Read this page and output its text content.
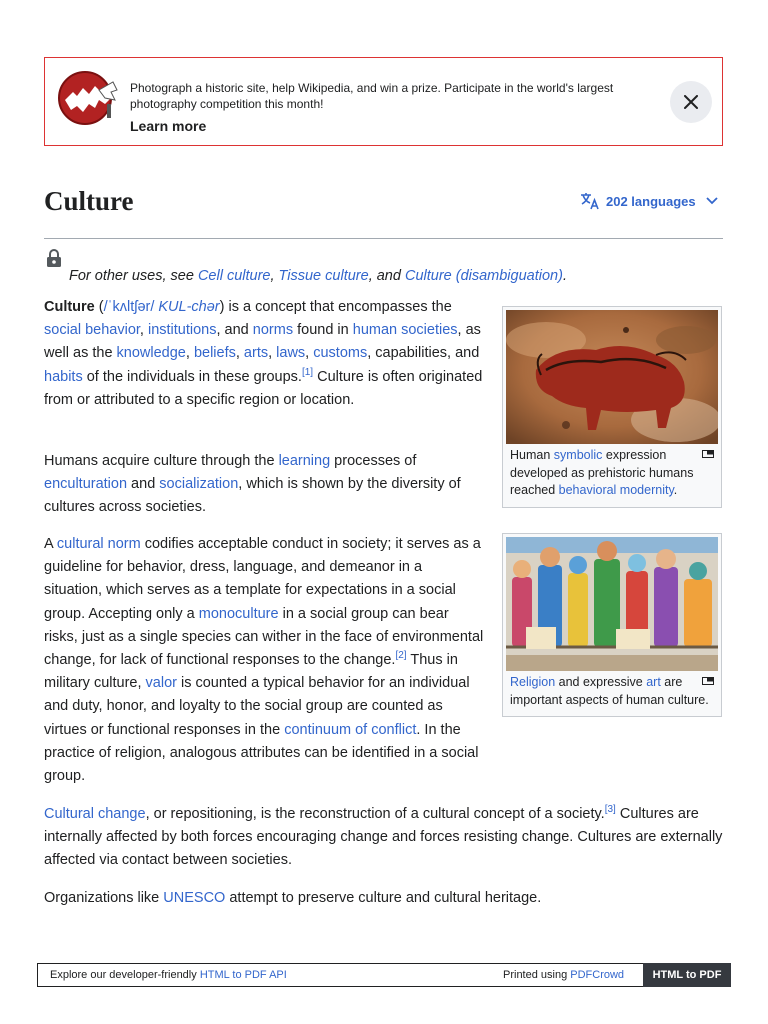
Photograph a historic site, help Wikipedia, and win a prize. Participate in the world's largest photography competition this month!
Learn more
Culture	202 languages
For other uses, see Cell culture, Tissue culture, and Culture (disambiguation).

Culture (/ˈkʌltʃər/ KUL-chər) is a concept that encompasses the social behavior, institutions, and norms found in human societies, as well as the knowledge, beliefs, arts, laws, customs, capabilities, and habits of the individuals in these groups.[1] Culture is often originated from or attributed to a specific region or location.

Humans acquire culture through the learning processes of enculturation and socialization, which is shown by the diversity of cultures across societies.

A cultural norm codifies acceptable conduct in society; it serves as a guideline for behavior, dress, language, and demeanor in a situation, which serves as a template for expectations in a social group. Accepting only a monoculture in a social group can bear risks, just as a single species can wither in the face of environmental change, for lack of functional responses to the change.[2] Thus in military culture, valor is counted a typical behavior for an individual and duty, honor, and loyalty to the social group are counted as virtues or functional responses in the continuum of conflict. In the practice of religion, analogous attributes can be identified in a social group.

Cultural change, or repositioning, is the reconstruction of a cultural concept of a society.[3] Cultures are internally affected by both forces encouraging change and forces resisting change. Cultures are externally affected via contact between societies.

Organizations like UNESCO attempt to preserve culture and cultural heritage.

Human symbolic expression developed as prehistoric humans reached behavioral modernity.
Religion and expressive art are important aspects of human culture.
Explore our developer-friendly HTML to PDF API	Printed using PDFCrowd	HTML to PDF
